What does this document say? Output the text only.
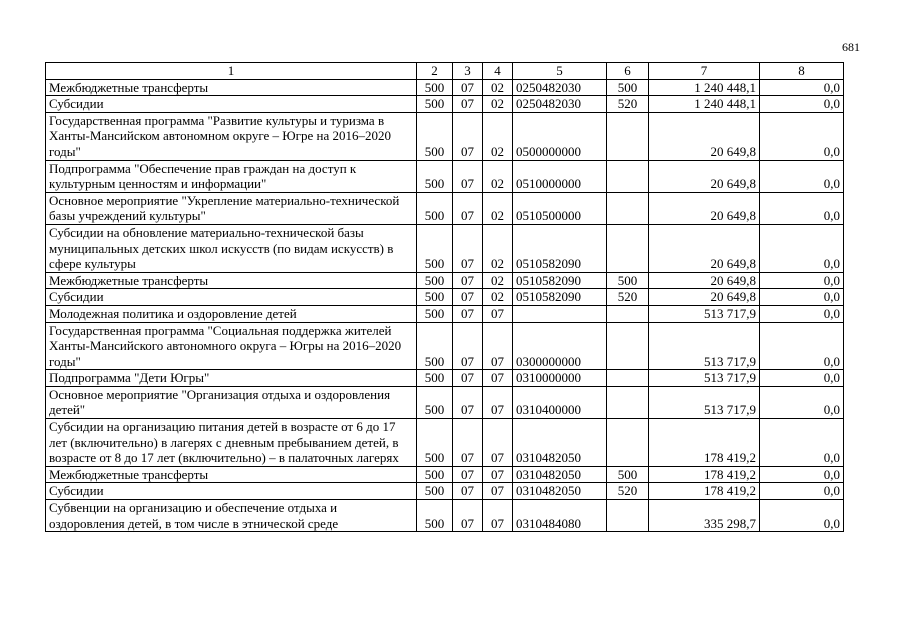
681
1	2	3	4	5	6	7	8
Межбюджетные трансферты	500	07	02	0250482030	500	1 240 448,1	0,0
Субсидии	500	07	02	0250482030	520	1 240 448,1	0,0
Государственная программа "Развитие культуры и туризма в Ханты-Мансийском автономном округе – Югре на 2016–2020 годы"	500	07	02	0500000000		20 649,8	0,0
Подпрограмма "Обеспечение прав граждан на доступ к культурным ценностям и информации"	500	07	02	0510000000		20 649,8	0,0
Основное мероприятие "Укрепление материально-технической базы учреждений культуры"	500	07	02	0510500000		20 649,8	0,0
Субсидии на обновление материально-технической базы муниципальных детских школ искусств (по видам искусств) в сфере культуры	500	07	02	0510582090		20 649,8	0,0
Межбюджетные трансферты	500	07	02	0510582090	500	20 649,8	0,0
Субсидии	500	07	02	0510582090	520	20 649,8	0,0
Молодежная политика и оздоровление детей	500	07	07			513 717,9	0,0
Государственная программа "Социальная поддержка жителей Ханты-Мансийского автономного округа – Югры на 2016–2020 годы"	500	07	07	0300000000		513 717,9	0,0
Подпрограмма "Дети Югры"	500	07	07	0310000000		513 717,9	0,0
Основное мероприятие "Организация отдыха и оздоровления детей"	500	07	07	0310400000		513 717,9	0,0
Субсидии на организацию питания детей в возрасте от 6 до 17 лет (включительно) в лагерях с дневным пребыванием детей, в возрасте от 8 до 17 лет (включительно) – в палаточных лагерях	500	07	07	0310482050		178 419,2	0,0
Межбюджетные трансферты	500	07	07	0310482050	500	178 419,2	0,0
Субсидии	500	07	07	0310482050	520	178 419,2	0,0
Субвенции на организацию и обеспечение отдыха и оздоровления детей, в том числе в этнической среде	500	07	07	0310484080		335 298,7	0,0
